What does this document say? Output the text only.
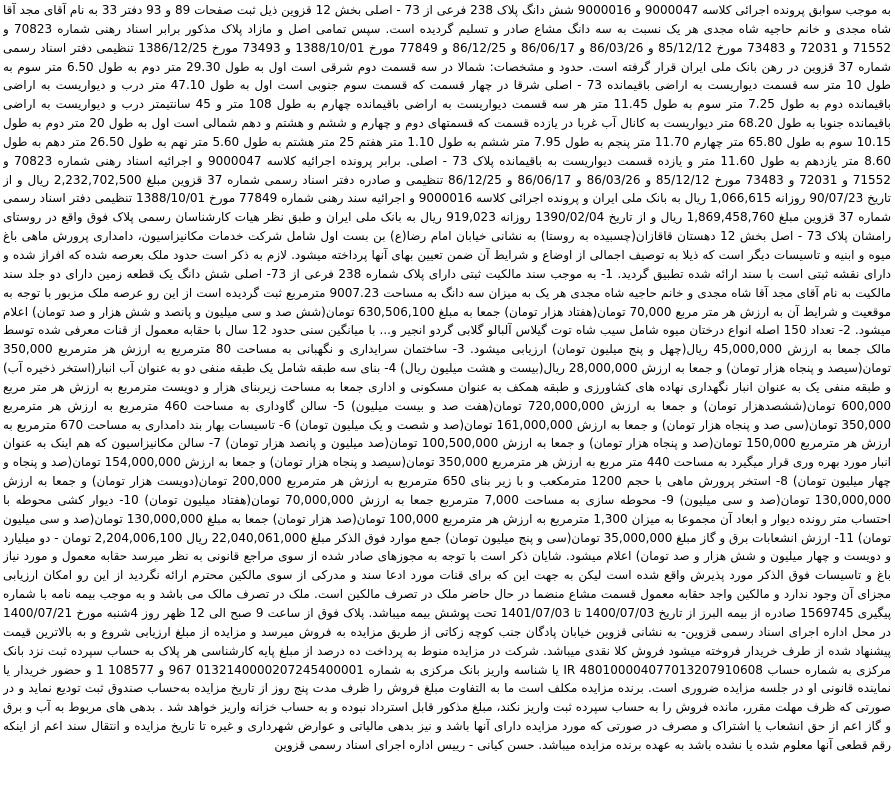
به موجب سوابق پرونده اجرائی کلاسه 9000047 و 9000016 شش دانگ پلاک 238 فرعی از 73 - اصلی بخش 12 قزوین ذیل ثبت صفحات 89 و 93 دفتر 33 به نام آقای مجد آقا شاه مجدی و خانم حاجیه شاه مجدی هر یک نسبت به سه دانگ مشاع صادر و تسلیم گردیده است. سپس تمامی اصل و مازاد پلاک مذکور برابر اسناد رهنی شماره 70823 و 71552 و 72031 و 73483 مورخ 85/12/12 و 86/03/26 و 86/06/17 و 86/12/25 و 77849 مورخ 1388/10/01 و 73493 مورخ 1386/12/25 تنظیمی دفتر اسناد رسمی شماره 37 قزوین در رهن بانک ملی ایران قرار گرفته است. حدود و مشخصات: شمالا در سه قسمت دوم شرقی است اول به طول 29.30 متر دوم به طول 6.50 متر سوم به طول 10 متر سه قسمت دیواریست به اراضی باقیمانده 73 - اصلی شرقا در چهار قسمت که قسمت سوم جنوبی است اول به طول 47.10 متر درب و دیواریست به اراضی باقیمانده دوم به طول 7.25 متر سوم به طول 11.45 متر هر سه قسمت دیواریست به اراضی باقیمانده چهارم به طول 108 متر و 45 سانتیمتر درب و دیواریست به اراضی باقیمانده جنوبا به طول 68.20 متر دیواریست به کانال آب غربا در یازده قسمت که قسمتهای دوم و چهارم و ششم و هشتم و دهم شمالی است اول به طول 20 متر دوم به طول 10.15 سوم به طول 65.80 متر چهارم 11.70 متر پنجم به طول 7.95 متر ششم به طول 1.10 متر هفتم 25 متر هشتم به طول 5.60 متر نهم به طول 26.50 متر دهم به طول 8.60 متر یازدهم به طول 11.60 متر و یازده قسمت دیواریست به باقیمانده پلاک 73 - اصلی. برابر پرونده اجرائیه کلاسه 9000047 و اجرائیه اسناد رهنی شماره 70823 و 71552 و 72031 و 73483 مورخ 85/12/12 و 86/03/26 و 86/06/17 و 86/12/25 تنظیمی و صادره دفتر اسناد رسمی شماره 37 قزوین مبلغ 2,232,702,500 ریال و از تاریخ 90/07/23 روزانه 1,066,615 ریال به بانک ملی ایران و پرونده اجرائی کلاسه 9000016 و اجرائیه سند رهنی شماره 77849 مورخ 1388/10/01 تنظیمی دفتر اسناد رسمی شماره 37 قزوین مبلغ 1,869,458,760 ریال و از تاریخ 1390/02/04 روزانه 919,023 ریال به بانک ملی ایران و طبق نظر هیات کارشناسان رسمی پلاک فوق واقع در روستای رامشان پلاک 73 - اصل بخش 12 دهستان قاقازان(چسبیده به روستا) به نشانی خیابان امام رضا(ع) بن بست اول شامل شرکت خدمات مکانیزاسیون، دامداری پرورش ماهی باغ میوه و ابنیه و تاسیسات دیگر است که ذیلا به توصیف اجمالی از اوضاع و شرایط آن ضمن تعیین بهای آنها پرداخته میشود. لازم به ذکر است حدود ملک بعرصه شده که افراز شده و دارای نقشه ثبتی است با سند ارائه شده تطبیق گردید. 1- به موجب سند مالکیت ثبتی دارای پلاک شماره 238 فرعی از 73- اصلی شش دانگ یک قطعه زمین دارای دو جلد سند مالکیت به نام آقای مجد آقا شاه مجدی و خانم حاجیه شاه مجدی هر یک به میزان سه دانگ به مساحت 9007.23 مترمربع ثبت گردیده است از این رو عرصه ملک مزبور با توجه به موقعیت و شرایط آن به ارزش هر متر مربع 70,000 تومان(هفتاد هزار تومان) جمعا به مبلغ 630,506,100 تومان(شش صد و سی میلیون و پانصد و شش هزار و صد تومان) اعلام میشود. 2- تعداد 150 اصله انواع درختان میوه شامل سیب شاه توت گیلاس آلبالو گلابی گردو انجیر و... با میانگین سنی حدود 12 سال با حقابه معمول از قنات معرفی شده توسط مالک جمعا به ارزش 45,000,000 ریال(چهل و پنج میلیون تومان) ارزیابی میشود. 3- ساختمان سرایداری و نگهبانی به مساحت 80 مترمربع به ارزش هر مترمربع 350,000 تومان(سیصد و پنجاه هزار تومان) و جمعا به ارزش 28,000,000 ریال(بیست و هشت میلیون ریال) 4- بنای سه طبقه شامل یک طبقه منفی دو به عنوان آب انبار(استخر ذخیره آب) و طبقه منفی یک به عنوان انبار نگهداری نهاده های کشاورزی و طبقه همکف به عنوان مسکونی و اداری جمعا به مساحت زیربنای هزار و دویست مترمربع به ارزش هر متر مربع 600,000 تومان(ششصدهزار تومان) و جمعا به ارزش 720,000,000 تومان(هفت صد و بیست میلیون) 5- سالن گاوداری به مساحت 460 مترمربع به ارزش هر مترمربع 350,000 تومان(سی صد و پنجاه هزار تومان) و جمعا به ارزش 161,000,000 تومان(صد و شصت و یک میلیون تومان) 6- تاسیسات بهار بند دامداری به مساحت 670 مترمربع به ارزش هر مترمربع 150,000 تومان(صد و پنجاه هزار تومان) و جمعا به ارزش 100,500,000 تومان(صد میلیون و پانصد هزار تومان) 7- سالن مکانیزاسیون که هم اینک به عنوان انبار مورد بهره وری قرار میگیرد به مساحت 440 متر مربع به ارزش هر مترمربع 350,000 تومان(سیصد و پنجاه هزار تومان) و جمعا به ارزش 154,000,000 تومان(صد و پنجاه و چهار میلیون تومان) 8- استخر پرورش ماهی با حجم 1200 مترمکعب و با زیر بنای 650 مترمربع به ارزش هر مترمربع 200,000 تومان(دویست هزار تومان) و جمعا به ارزش 130,000,000 تومان(صد و سی میلیون) 9- محوطه سازی به مساحت 7,000 مترمربع جمعا به ارزش 70,000,000 تومان(هفتاد میلیون تومان) 10- دیوار کشی محوطه با احتساب متر رونده دیوار و ابعاد آن مجموعا به میزان 1,300 مترمربع به ارزش هر مترمربع 100,000 تومان(صد هزار تومان) جمعا به مبلغ 130,000,000 تومان(صد و سی میلیون تومان) 11- ارزش انشعابات برق و گاز مبلغ 35,000,000 تومان(سی و پنج میلیون تومان) جمع موارد فوق الذکر مبلغ 22,040,061,000 ریال 2,204,006,100 تومان - دو میلیارد و دویست و چهار میلیون و شش هزار و صد تومان) اعلام میشود. شایان ذکر است با توجه به مجوزهای صادر شده از سوی مراجع قانونی به نظر میرسد حقابه معمول و مورد نیاز باغ و تاسیسات فوق الذکر مورد پذیرش واقع شده است لیکن به جهت این که برای قنات مورد ادعا سند و مدرکی از سوی مالکین محترم ارائه نگردید از این رو امکان ارزیابی مجزای آن وجود ندارد و مالکین واجد حقابه معمول قسمت مشاع منضما در حال حاضر ملک در تصرف مالکین است. ملک در تصرف مالک می باشد و به موجب بیمه نامه با شماره پیگیری 1569745 صادره از بیمه البرز از تاریخ 1400/07/03 تا 1401/07/03 تحت پوشش بیمه میباشد. پلاک فوق از ساعت 9 صبح الی 12 ظهر روز 4شنبه مورخ 1400/07/21 در محل اداره اجرای اسناد رسمی قزوین- به نشانی قزوین خیابان پادگان جنب کوچه زکاتی از طریق مزایده به فروش میرسد و مزایده از مبلغ ارزیابی شروع و به بالاترین قیمت پیشنهاد شده از طرف خریدار فروخته میشود فروش کلا نقدی میباشد. شرکت در مزایده منوط به پرداخت ده درصد از مبلغ پایه کارشناسی هر پلاک به حساب سپرده ثبت نزد بانک مرکزی به شماره حساب IR 480100004077013207910608 یا شناسه واریز بانک مرکزی به شماره 0132140000207245400001 967 و 108577 1 و حضور خریدار یا نماینده قانونی او در جلسه مزایده ضروری است. برنده مزایده مکلف است ما به التفاوت مبلغ فروش را ظرف مدت پنج روز از تاریخ مزایده به‌حساب صندوق ثبت تودیع نماید و در صورتی که ظرف مهلت مقرر، مانده فروش را به حساب سپرده ثبت واریز نکند، مبلغ مذکور قابل استرداد نبوده و به حساب خزانه واریز خواهد شد . بدهی های مربوط به آب و برق و گاز اعم از حق انشعاب یا اشتراک و مصرف در صورتی که مورد مزایده دارای آنها باشد و نیز بدهی مالیاتی و عوارض شهرداری و غیره تا تاریخ مزایده و انتقال سند اعم از اینکه رقم قطعی آنها معلوم شده یا نشده باشد به عهده برنده مزایده میباشد. حسن کیانی - رییس اداره اجرای اسناد رسمی قزوین
